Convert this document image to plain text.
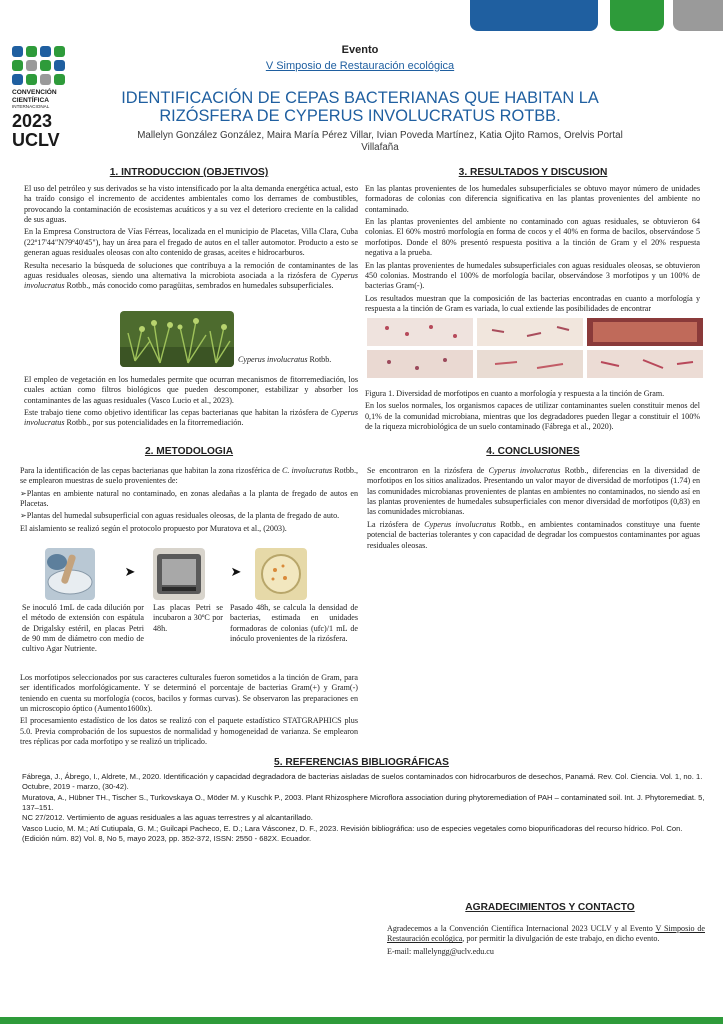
CONVENCIÓN
CIENTÍFICA
INTERNACIONAL
2023
UCLV
Evento
V Simposio de Restauración ecológica
IDENTIFICACIÓN DE CEPAS BACTERIANAS QUE HABITAN LA
RIZÓSFERA DE CYPERUS INVOLUCRATUS ROTBB.
Mallelyn González González, Maira María Pérez Villar, Ivian Poveda Martínez, Katia Ojito Ramos, Orelvis Portal
Villafaña
1. INTRODUCCION (OBJETIVOS)

El uso del petróleo y sus derivados se ha visto intensificado por la alta demanda energética actual, esto ha traído consigo el incremento de accidentes ambientales como los derrames de combustibles, provocando la contaminación de ecosistemas acuáticos y a su vez el deterioro creciente en la calidad de sus aguas.

En la Empresa Constructora de Vías Férreas, localizada en el municipio de Placetas, Villa Clara, Cuba (22º17'44"N79º40'45"), hay un área para el fregado de autos en el taller automotor. Producto a esto se generan aguas residuales oleosas con alto contenido de grasas, aceites e hidrocarburos.

Resulta necesario la búsqueda de soluciones que contribuya a la remoción de contaminantes de las aguas residuales oleosas, siendo una alternativa la microbiota asociada a la rizósfera de Cyperus involucratus Rotbb., más conocido como paragüitas, sembrados en humedales subsuperficiales.

Cyperus involucratus Rotbb.

El empleo de vegetación en los humedales permite que ocurran mecanismos de fitorremediación, los cuales actúan como filtros biológicos que pueden descomponer, estabilizar y absorber los contaminantes de las aguas residuales (Vasco Lucio et al., 2023).

Este trabajo tiene como objetivo identificar las cepas bacterianas que habitan la rizósfera de Cyperus involucratus Rotbb., por sus potencialidades en la fitorremediación.

2. METODOLOGIA

Para la identificación de las cepas bacterianas que habitan la zona rizosférica de C. involucratus Rotbb., se emplearon muestras de suelo provenientes de:

➢Plantas en ambiente natural no contaminado, en zonas aledañas a la planta de fregado de autos en Placetas.

➢Plantas del humedal subsuperficial con aguas residuales oleosas, de la planta de fregado de auto.

El aislamiento se realizó según el protocolo propuesto por Muratova et al., (2003).

➤	➤
Se inoculó 1mL de cada dilución por el método de extensión con espátula de Drigalsky estéril, en placas Petri de 90 mm de diámetro con medio de cultivo Agar Nutriente.
Las placas Petri se incubaron a 30ºC por 48h.
Pasado 48h, se calcula la densidad de bacterias, estimada en unidades formadoras de colonias (ufc)/1 mL de inóculo provenientes de la rizósfera.

Los morfotipos seleccionados por sus caracteres culturales fueron sometidos a la tinción de Gram, para ser identificados morfológicamente. Y se determinó el porcentaje de bacterias Gram(+) y Gram(-) teniendo en cuenta su morfología (cocos, bacilos y formas curvas). Se observaron las preparaciones en un microscopio óptico (Aumento1600x).

El procesamiento estadístico de los datos se realizó con el paquete estadístico STATGRAPHICS plus 5.0. Previa comprobación de los supuestos de normalidad y homogeneidad de varianza. Se emplearon tres réplicas por cada morfotipo y se realizó un triplicado.

3. RESULTADOS Y DISCUSION

En las plantas provenientes de los humedales subsuperficiales se obtuvo mayor número de unidades formadoras de colonias con diferencia significativa en las plantas provenientes del ambiente no contaminado.

En las plantas provenientes del ambiente no contaminado con aguas residuales, se obtuvieron 64 colonias. El 60% mostró morfología en forma de cocos y el 40% en forma de bacilos, observándose 5 morfotipos. Donde el 80% presentó respuesta positiva a la tinción de Gram y el 20% respuesta negativa a la prueba.

En las plantas provenientes de humedales subsuperficiales con aguas residuales oleosas, se obtuvieron 450 colonias. Mostrando el 100% de morfología bacilar, observándose 3 morfotipos y un 100% de bacterias Gram(-).

Los resultados muestran que la composición de las bacterias encontradas en cuanto a morfología y respuesta a la tinción de Gram es variada, lo cual extiende las posibilidades de encontrar

Figura 1. Diversidad de morfotipos en cuanto a morfología y respuesta a la tinción de Gram.

En los suelos normales, los organismos capaces de utilizar contaminantes suelen constituir menos del 0,1% de la comunidad microbiana, mientras que los degradadores pueden llegar a constituir el 100% de la riqueza microbiológica de un suelo contaminado (Fábrega et al., 2020).

4. CONCLUSIONES

Se encontraron en la rizósfera de Cyperus involucratus Rotbb., diferencias en la diversidad de morfotipos en los sitios analizados. Presentando un valor mayor de diversidad de morfotipos (1.74) en las comunidades microbianas provenientes de plantas en ambientes no contaminados, no siendo así en las plantas provenientes de humedales subsuperficiales con menor diversidad de morfotipos (0,83) en las comunidades microbianas.

La rizósfera de Cyperus involucratus Rotbb., en ambientes contaminados constituye una fuente potencial de bacterias tolerantes y con capacidad de degradar los compuestos contaminantes por aguas residuales oleosas.

5. REFERENCIAS BIBLIOGRÁFICAS

Fábrega, J., Ábrego, I., Aldrete, M., 2020. Identificación y capacidad degradadora de bacterias aisladas de suelos contaminados con hidrocarburos de desechos, Panamá. Rev. Col. Ciencia. Vol. 1, no. 1. Octubre, 2019 - marzo, (30-42).

Muratova, A., Hübner TH., Tischer S., Turkovskaya O., Möder M. y Kuschk P., 2003. Plant Rhizosphere Microflora association during phytoremediation of PAH – contaminated soil. Int. J. Phytoremediat. 5, 137–151.

NC 27/2012. Vertimiento de aguas residuales a las aguas terrestres y al alcantarillado.

Vasco Lucio, M. M.; Atí Cutiupala, G. M.; Guilcapi Pacheco, E. D.; Lara Vásconez, D. F., 2023. Revisión bibliográfica: uso de especies vegetales como biopurificadoras del recurso hídrico. Pol. Con. (Edición núm. 82) Vol. 8, No 5, mayo 2023, pp. 352-372, ISSN: 2550 - 682X. Ecuador.

AGRADECIMIENTOS Y CONTACTO

Agradecemos a la Convención Científica Internacional 2023 UCLV y al Evento V Simposio de Restauración ecológica, por permitir la divulgación de este trabajo, en dicho evento.

E-mail: mallelyngg@uclv.edu.cu
